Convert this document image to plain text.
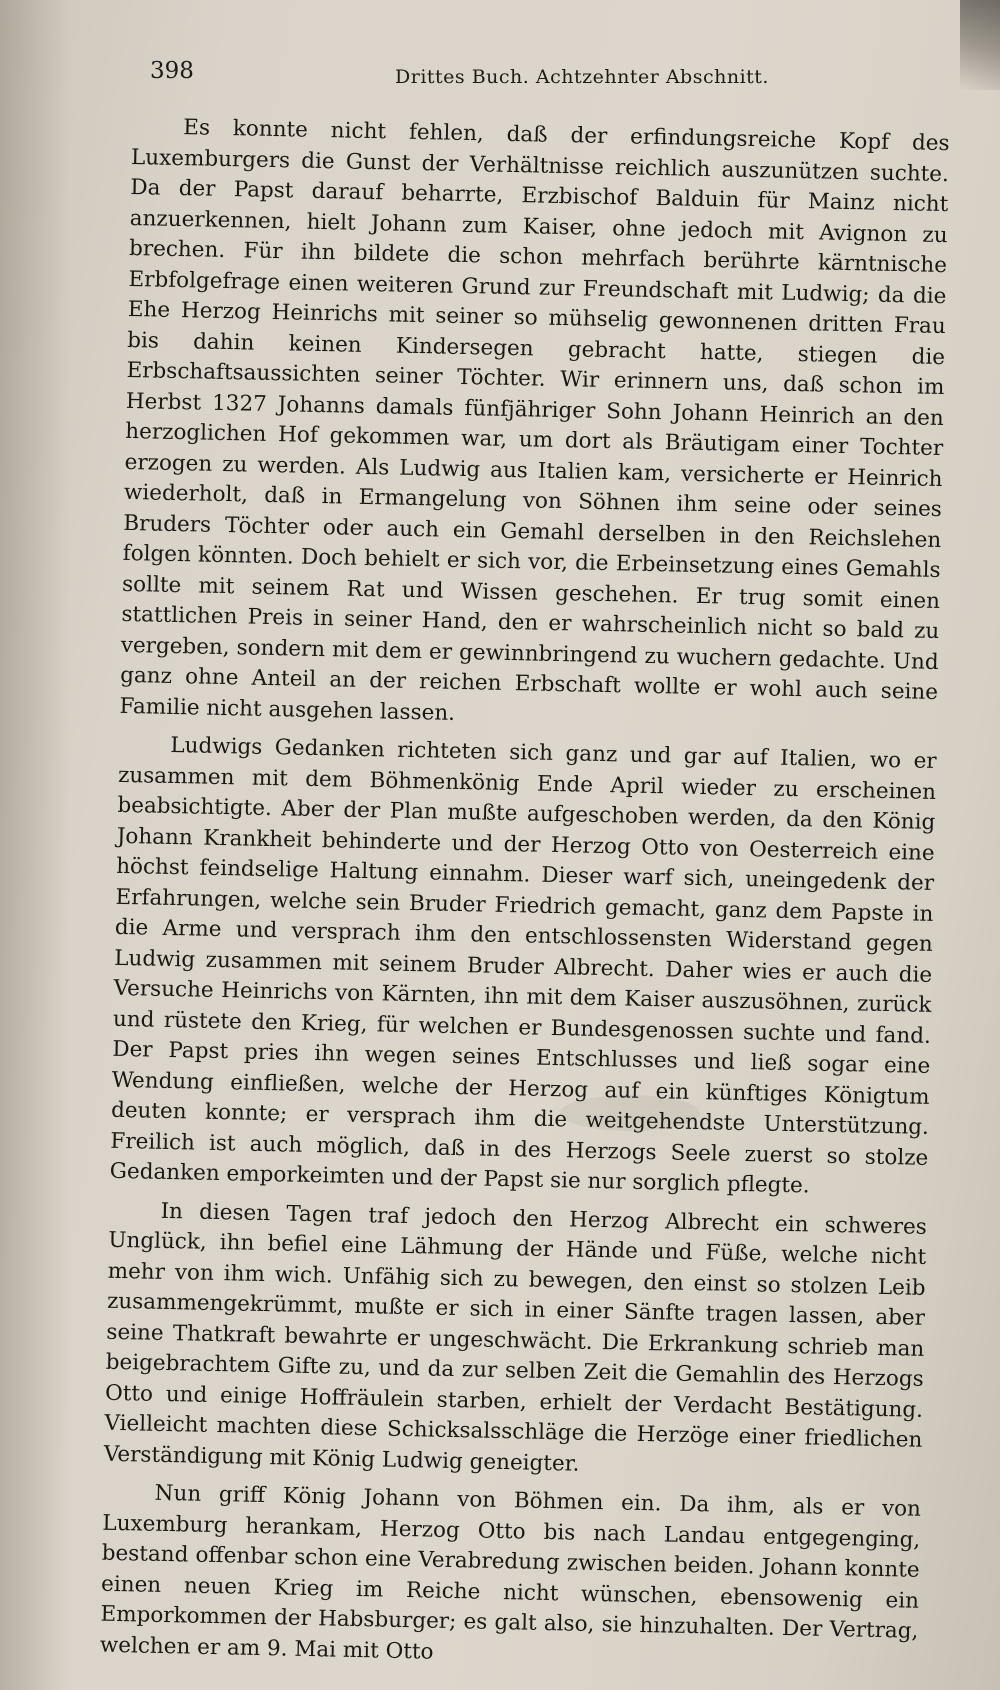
398	Drittes Buch. Achtzehnter Abschnitt.

Es konnte nicht fehlen, daß der erfindungsreiche Kopf des Luxemburgers die Gunst der Verhältnisse reichlich auszunützen suchte. Da der Papst darauf beharrte, Erzbischof Balduin für Mainz nicht anzuerkennen, hielt Johann zum Kaiser, ohne jedoch mit Avignon zu brechen. Für ihn bildete die schon mehrfach berührte kärntnische Erbfolgefrage einen weiteren Grund zur Freundschaft mit Ludwig; da die Ehe Herzog Heinrichs mit seiner so mühselig gewonnenen dritten Frau bis dahin keinen Kindersegen gebracht hatte, stiegen die Erbschaftsaussichten seiner Töchter. Wir erinnern uns, daß schon im Herbst 1327 Johanns damals fünfjähriger Sohn Johann Heinrich an den herzoglichen Hof gekommen war, um dort als Bräutigam einer Tochter erzogen zu werden. Als Ludwig aus Italien kam, versicherte er Heinrich wiederholt, daß in Ermangelung von Söhnen ihm seine oder seines Bruders Töchter oder auch ein Gemahl derselben in den Reichslehen folgen könnten. Doch behielt er sich vor, die Erbeinsetzung eines Gemahls sollte mit seinem Rat und Wissen geschehen. Er trug somit einen stattlichen Preis in seiner Hand, den er wahrscheinlich nicht so bald zu vergeben, sondern mit dem er gewinnbringend zu wuchern gedachte. Und ganz ohne Anteil an der reichen Erbschaft wollte er wohl auch seine Familie nicht ausgehen lassen.

Ludwigs Gedanken richteten sich ganz und gar auf Italien, wo er zusammen mit dem Böhmenkönig Ende April wieder zu erscheinen beabsichtigte. Aber der Plan mußte aufgeschoben werden, da den König Johann Krankheit behinderte und der Herzog Otto von Oesterreich eine höchst feindselige Haltung einnahm. Dieser warf sich, uneingedenk der Erfahrungen, welche sein Bruder Friedrich gemacht, ganz dem Papste in die Arme und versprach ihm den entschlossensten Widerstand gegen Ludwig zusammen mit seinem Bruder Albrecht. Daher wies er auch die Versuche Heinrichs von Kärnten, ihn mit dem Kaiser auszusöhnen, zurück und rüstete den Krieg, für welchen er Bundesgenossen suchte und fand. Der Papst pries ihn wegen seines Entschlusses und ließ sogar eine Wendung einfließen, welche der Herzog auf ein künftiges Königtum deuten konnte; er versprach ihm die weitgehendste Unterstützung. Freilich ist auch möglich, daß in des Herzogs Seele zuerst so stolze Gedanken emporkeimten und der Papst sie nur sorglich pflegte.

In diesen Tagen traf jedoch den Herzog Albrecht ein schweres Unglück, ihn befiel eine Lähmung der Hände und Füße, welche nicht mehr von ihm wich. Unfähig sich zu bewegen, den einst so stolzen Leib zusammengekrümmt, mußte er sich in einer Sänfte tragen lassen, aber seine Thatkraft bewahrte er ungeschwächt. Die Erkrankung schrieb man beigebrachtem Gifte zu, und da zur selben Zeit die Gemahlin des Herzogs Otto und einige Hoffräulein starben, erhielt der Verdacht Bestätigung. Vielleicht machten diese Schicksalsschläge die Herzöge einer friedlichen Verständigung mit König Ludwig geneigter.

Nun griff König Johann von Böhmen ein. Da ihm, als er von Luxemburg herankam, Herzog Otto bis nach Landau entgegenging, bestand offenbar schon eine Verabredung zwischen beiden. Johann konnte einen neuen Krieg im Reiche nicht wünschen, ebensowenig ein Emporkommen der Habsburger; es galt also, sie hinzuhalten. Der Vertrag, welchen er am 9. Mai mit Otto
